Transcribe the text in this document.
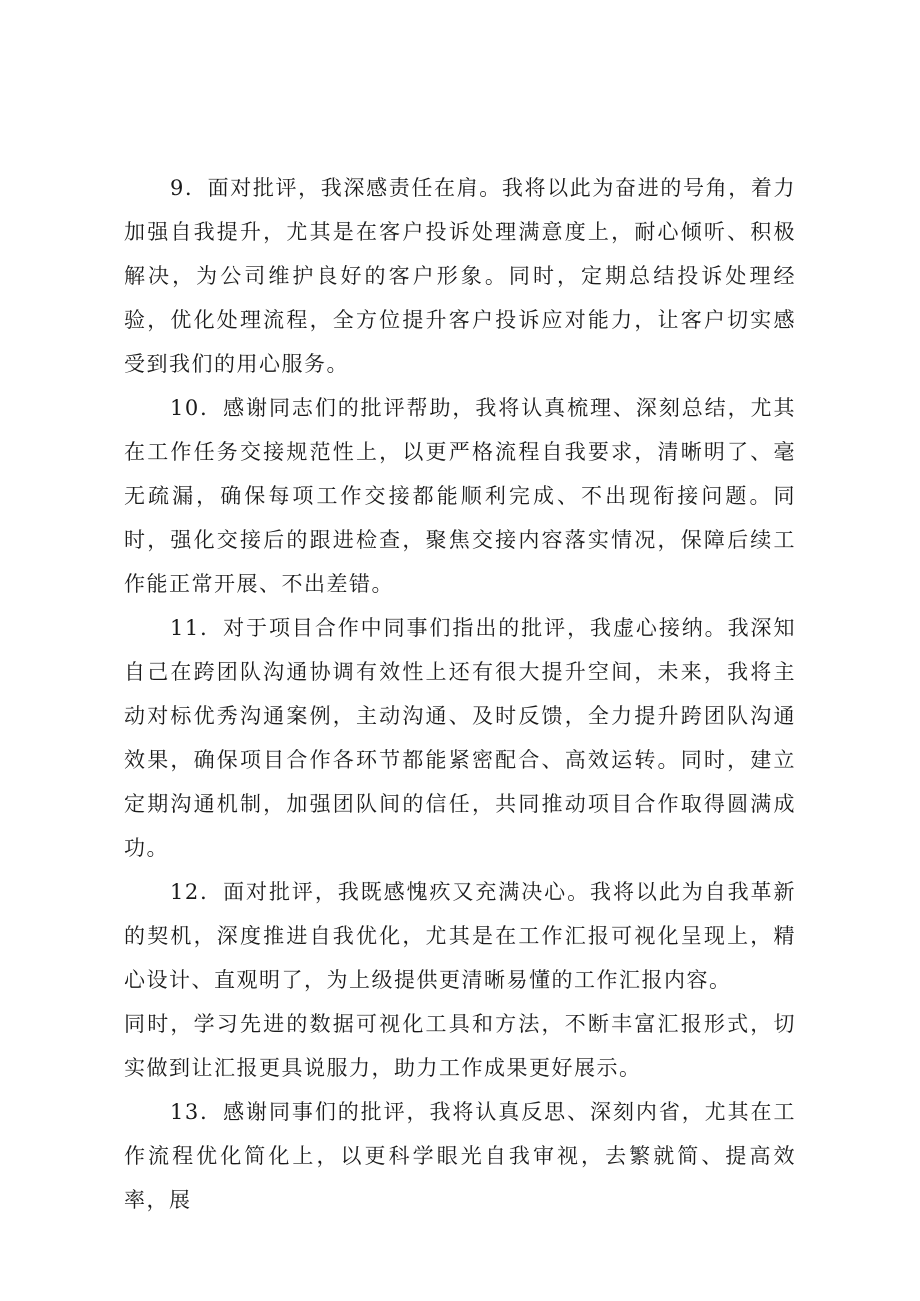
9．面对批评，我深感责任在肩。我将以此为奋进的号角，着力加强自我提升，尤其是在客户投诉处理满意度上，耐心倾听、积极解决，为公司维护良好的客户形象。同时，定期总结投诉处理经验，优化处理流程，全方位提升客户投诉应对能力，让客户切实感受到我们的用心服务。

10．感谢同志们的批评帮助，我将认真梳理、深刻总结，尤其在工作任务交接规范性上，以更严格流程自我要求，清晰明了、毫无疏漏，确保每项工作交接都能顺利完成、不出现衔接问题。同时，强化交接后的跟进检查，聚焦交接内容落实情况，保障后续工作能正常开展、不出差错。

11．对于项目合作中同事们指出的批评，我虚心接纳。我深知自己在跨团队沟通协调有效性上还有很大提升空间，未来，我将主动对标优秀沟通案例，主动沟通、及时反馈，全力提升跨团队沟通效果，确保项目合作各环节都能紧密配合、高效运转。同时，建立定期沟通机制，加强团队间的信任，共同推动项目合作取得圆满成功。

12．面对批评，我既感愧疚又充满决心。我将以此为自我革新的契机，深度推进自我优化，尤其是在工作汇报可视化呈现上，精心设计、直观明了，为上级提供更清晰易懂的工作汇报内容。

同时，学习先进的数据可视化工具和方法，不断丰富汇报形式，切实做到让汇报更具说服力，助力工作成果更好展示。

13．感谢同事们的批评，我将认真反思、深刻内省，尤其在工作流程优化简化上，以更科学眼光自我审视，去繁就简、提高效率，展
